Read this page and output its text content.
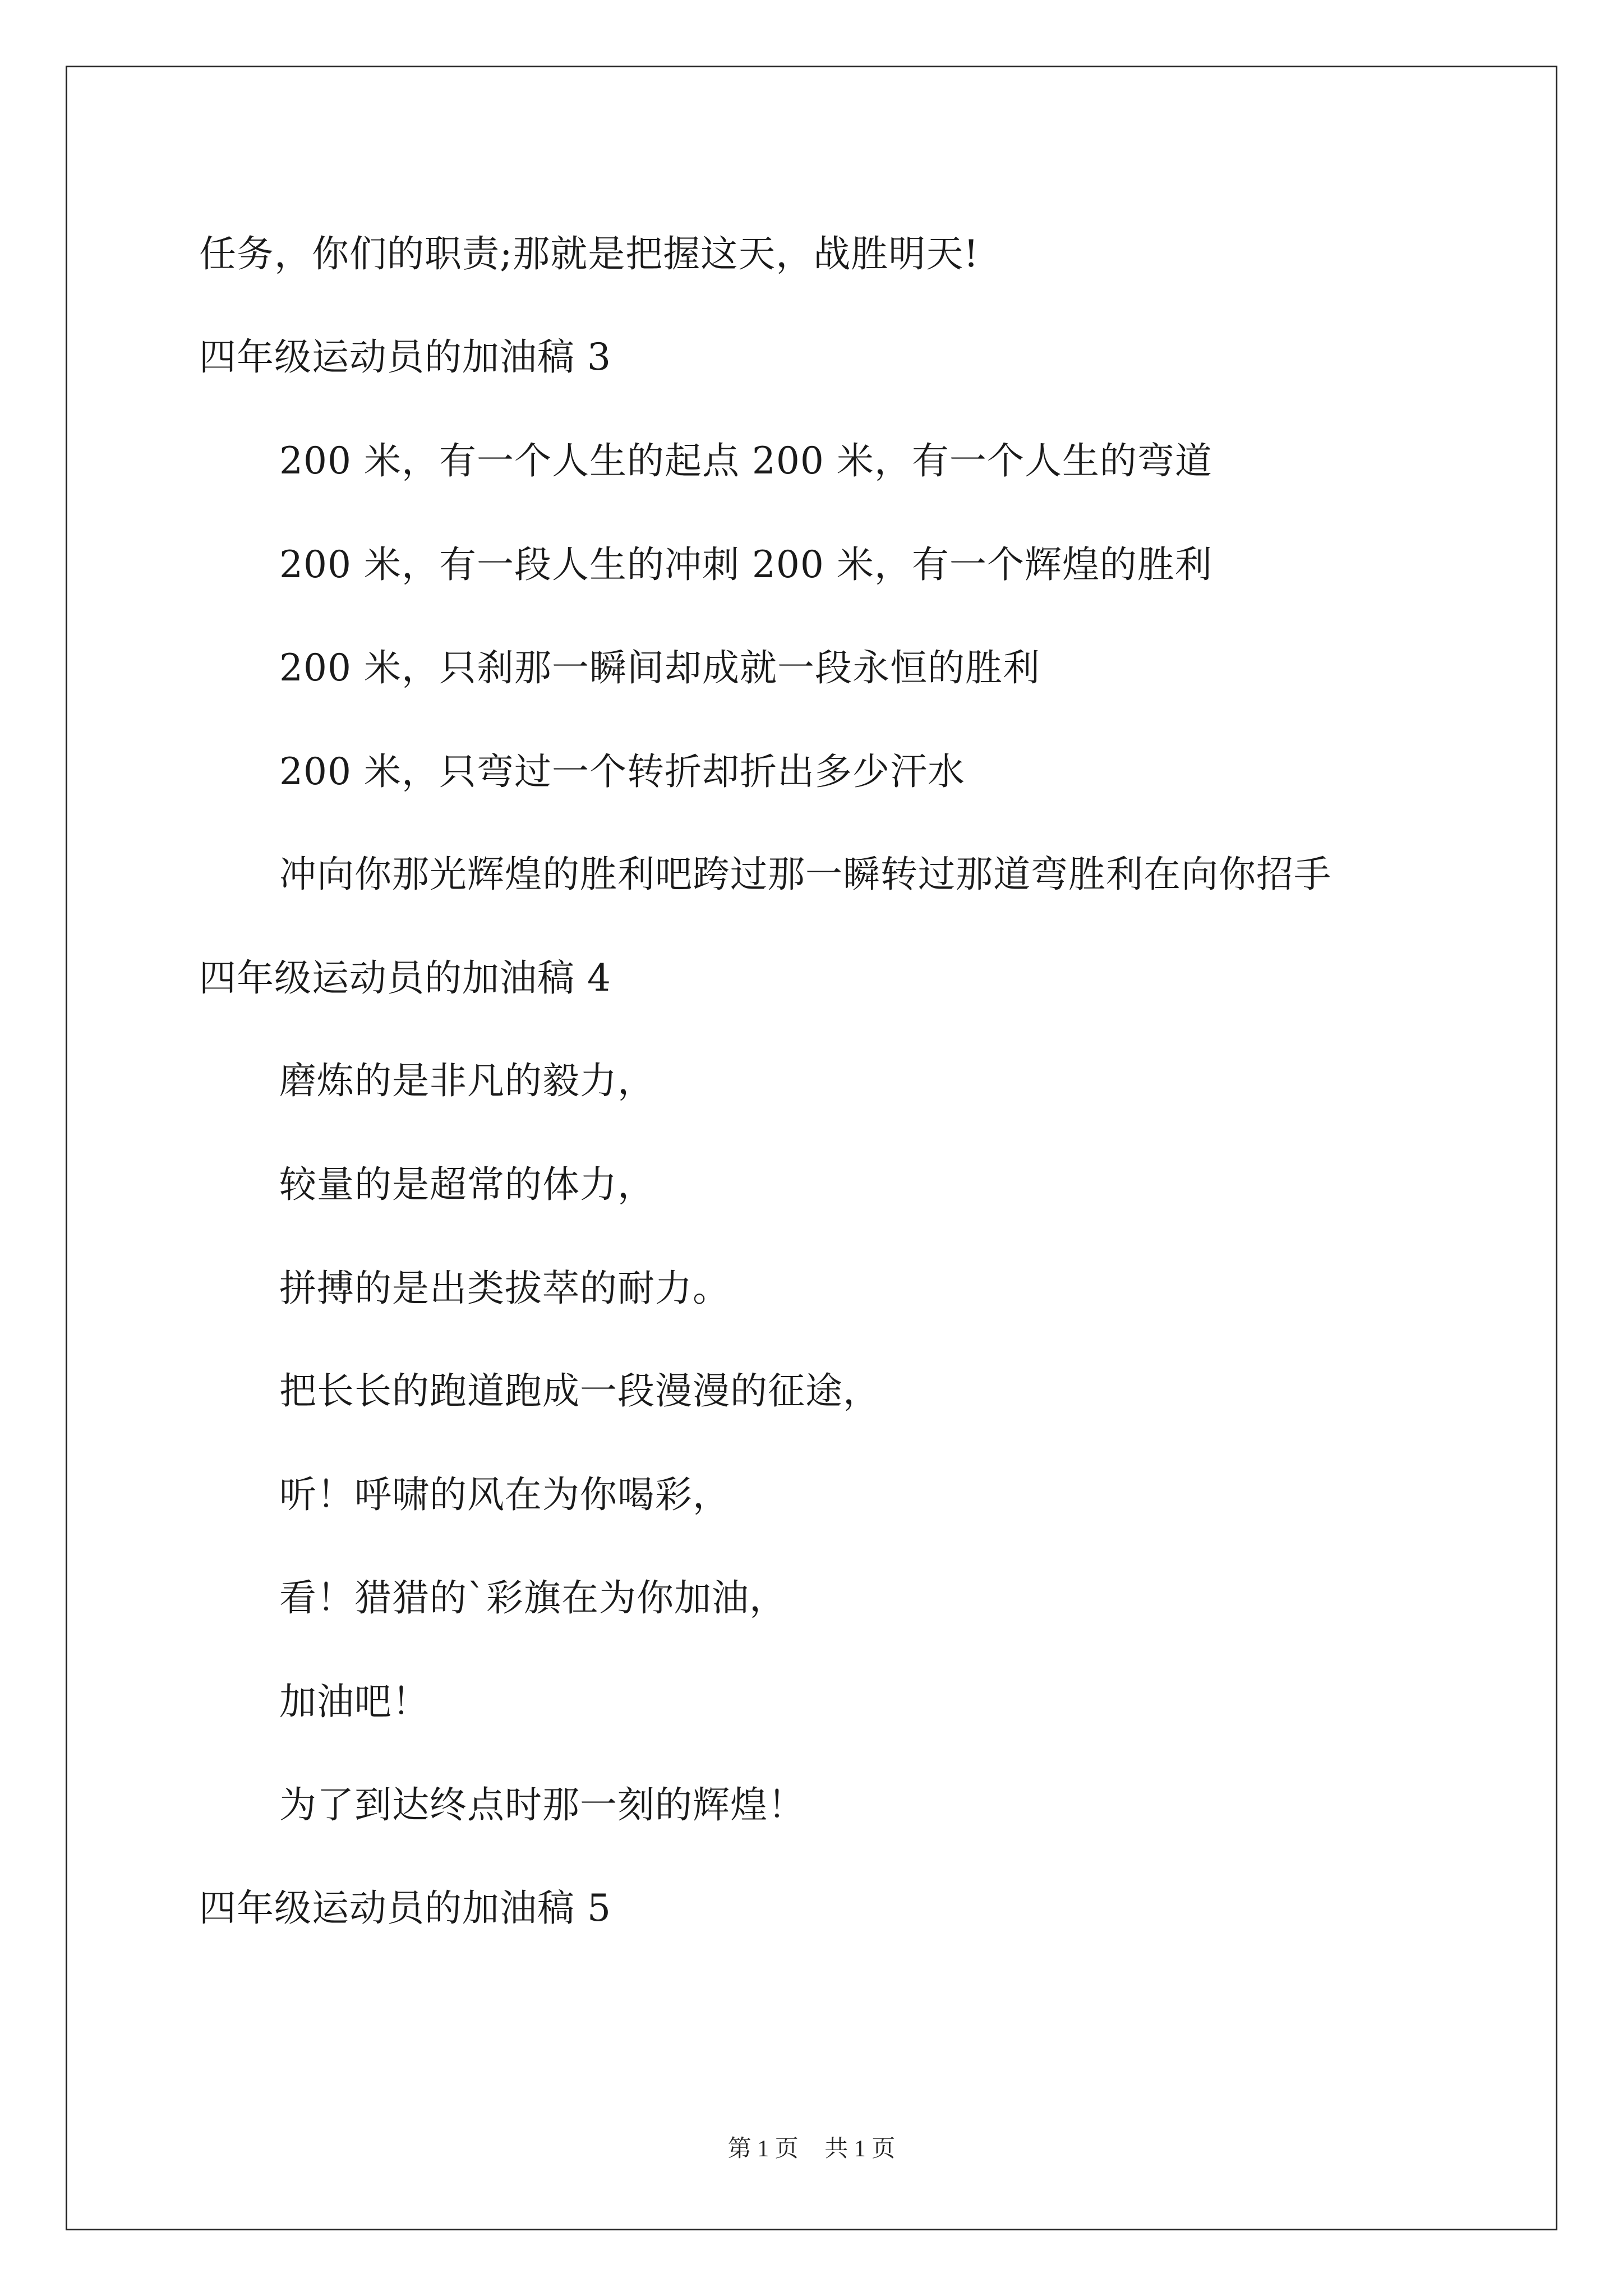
任务，你们的职责;那就是把握这天，战胜明天!
四年级运动员的加油稿 3
200 米，有一个人生的起点 200 米，有一个人生的弯道
200 米，有一段人生的冲刺 200 米，有一个辉煌的胜利
200 米，只刹那一瞬间却成就一段永恒的胜利
200 米，只弯过一个转折却折出多少汗水
冲向你那光辉煌的胜利吧跨过那一瞬转过那道弯胜利在向你招手
四年级运动员的加油稿 4
磨炼的是非凡的毅力，
较量的是超常的体力，
拼搏的是出类拔萃的耐力。
把长长的跑道跑成一段漫漫的征途，
听！呼啸的风在为你喝彩，
看！猎猎的`彩旗在为你加油，
加油吧！
为了到达终点时那一刻的辉煌！
四年级运动员的加油稿 5
第 1 页 共 1 页
